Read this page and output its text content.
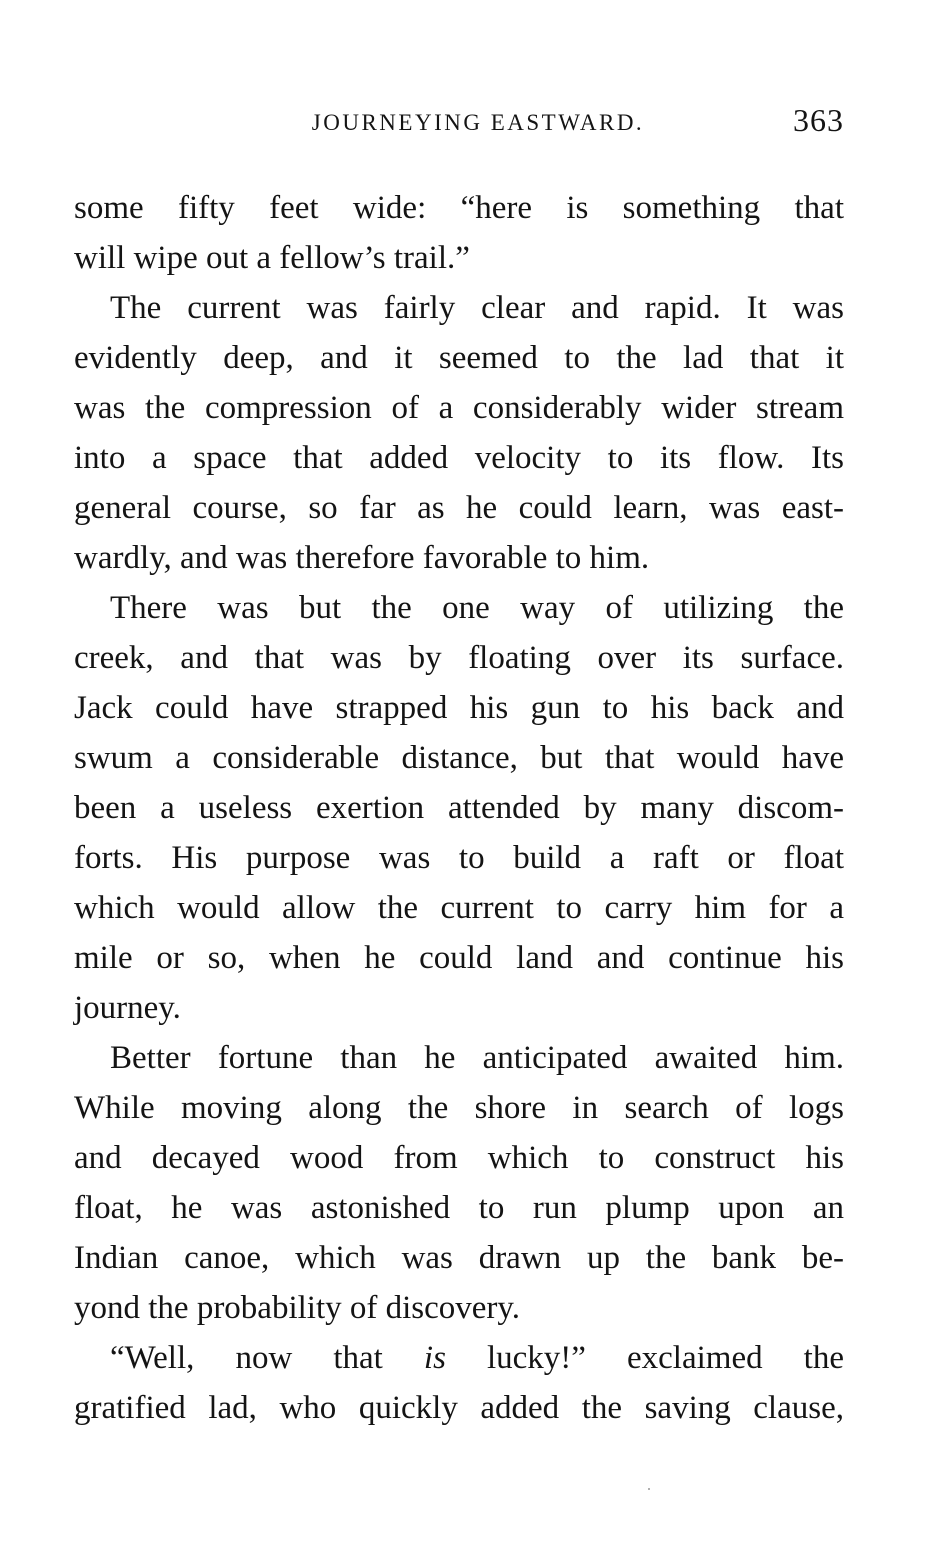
JOURNEYING EASTWARD.	363
some fifty feet wide: “here is something that
will wipe out a fellow’s trail.”
The current was fairly clear and rapid. It was
evidently deep, and it seemed to the lad that it
was the compression of a considerably wider stream
into a space that added velocity to its flow. Its
general course, so far as he could learn, was east-
wardly, and was therefore favorable to him.
There was but the one way of utilizing the
creek, and that was by floating over its surface.
Jack could have strapped his gun to his back and
swum a considerable distance, but that would have
been a useless exertion attended by many discom-
forts. His purpose was to build a raft or float
which would allow the current to carry him for a
mile or so, when he could land and continue his
journey.
Better fortune than he anticipated awaited him.
While moving along the shore in search of logs
and decayed wood from which to construct his
float, he was astonished to run plump upon an
Indian canoe, which was drawn up the bank be-
yond the probability of discovery.
“Well, now that is lucky!” exclaimed the
gratified lad, who quickly added the saving clause,
